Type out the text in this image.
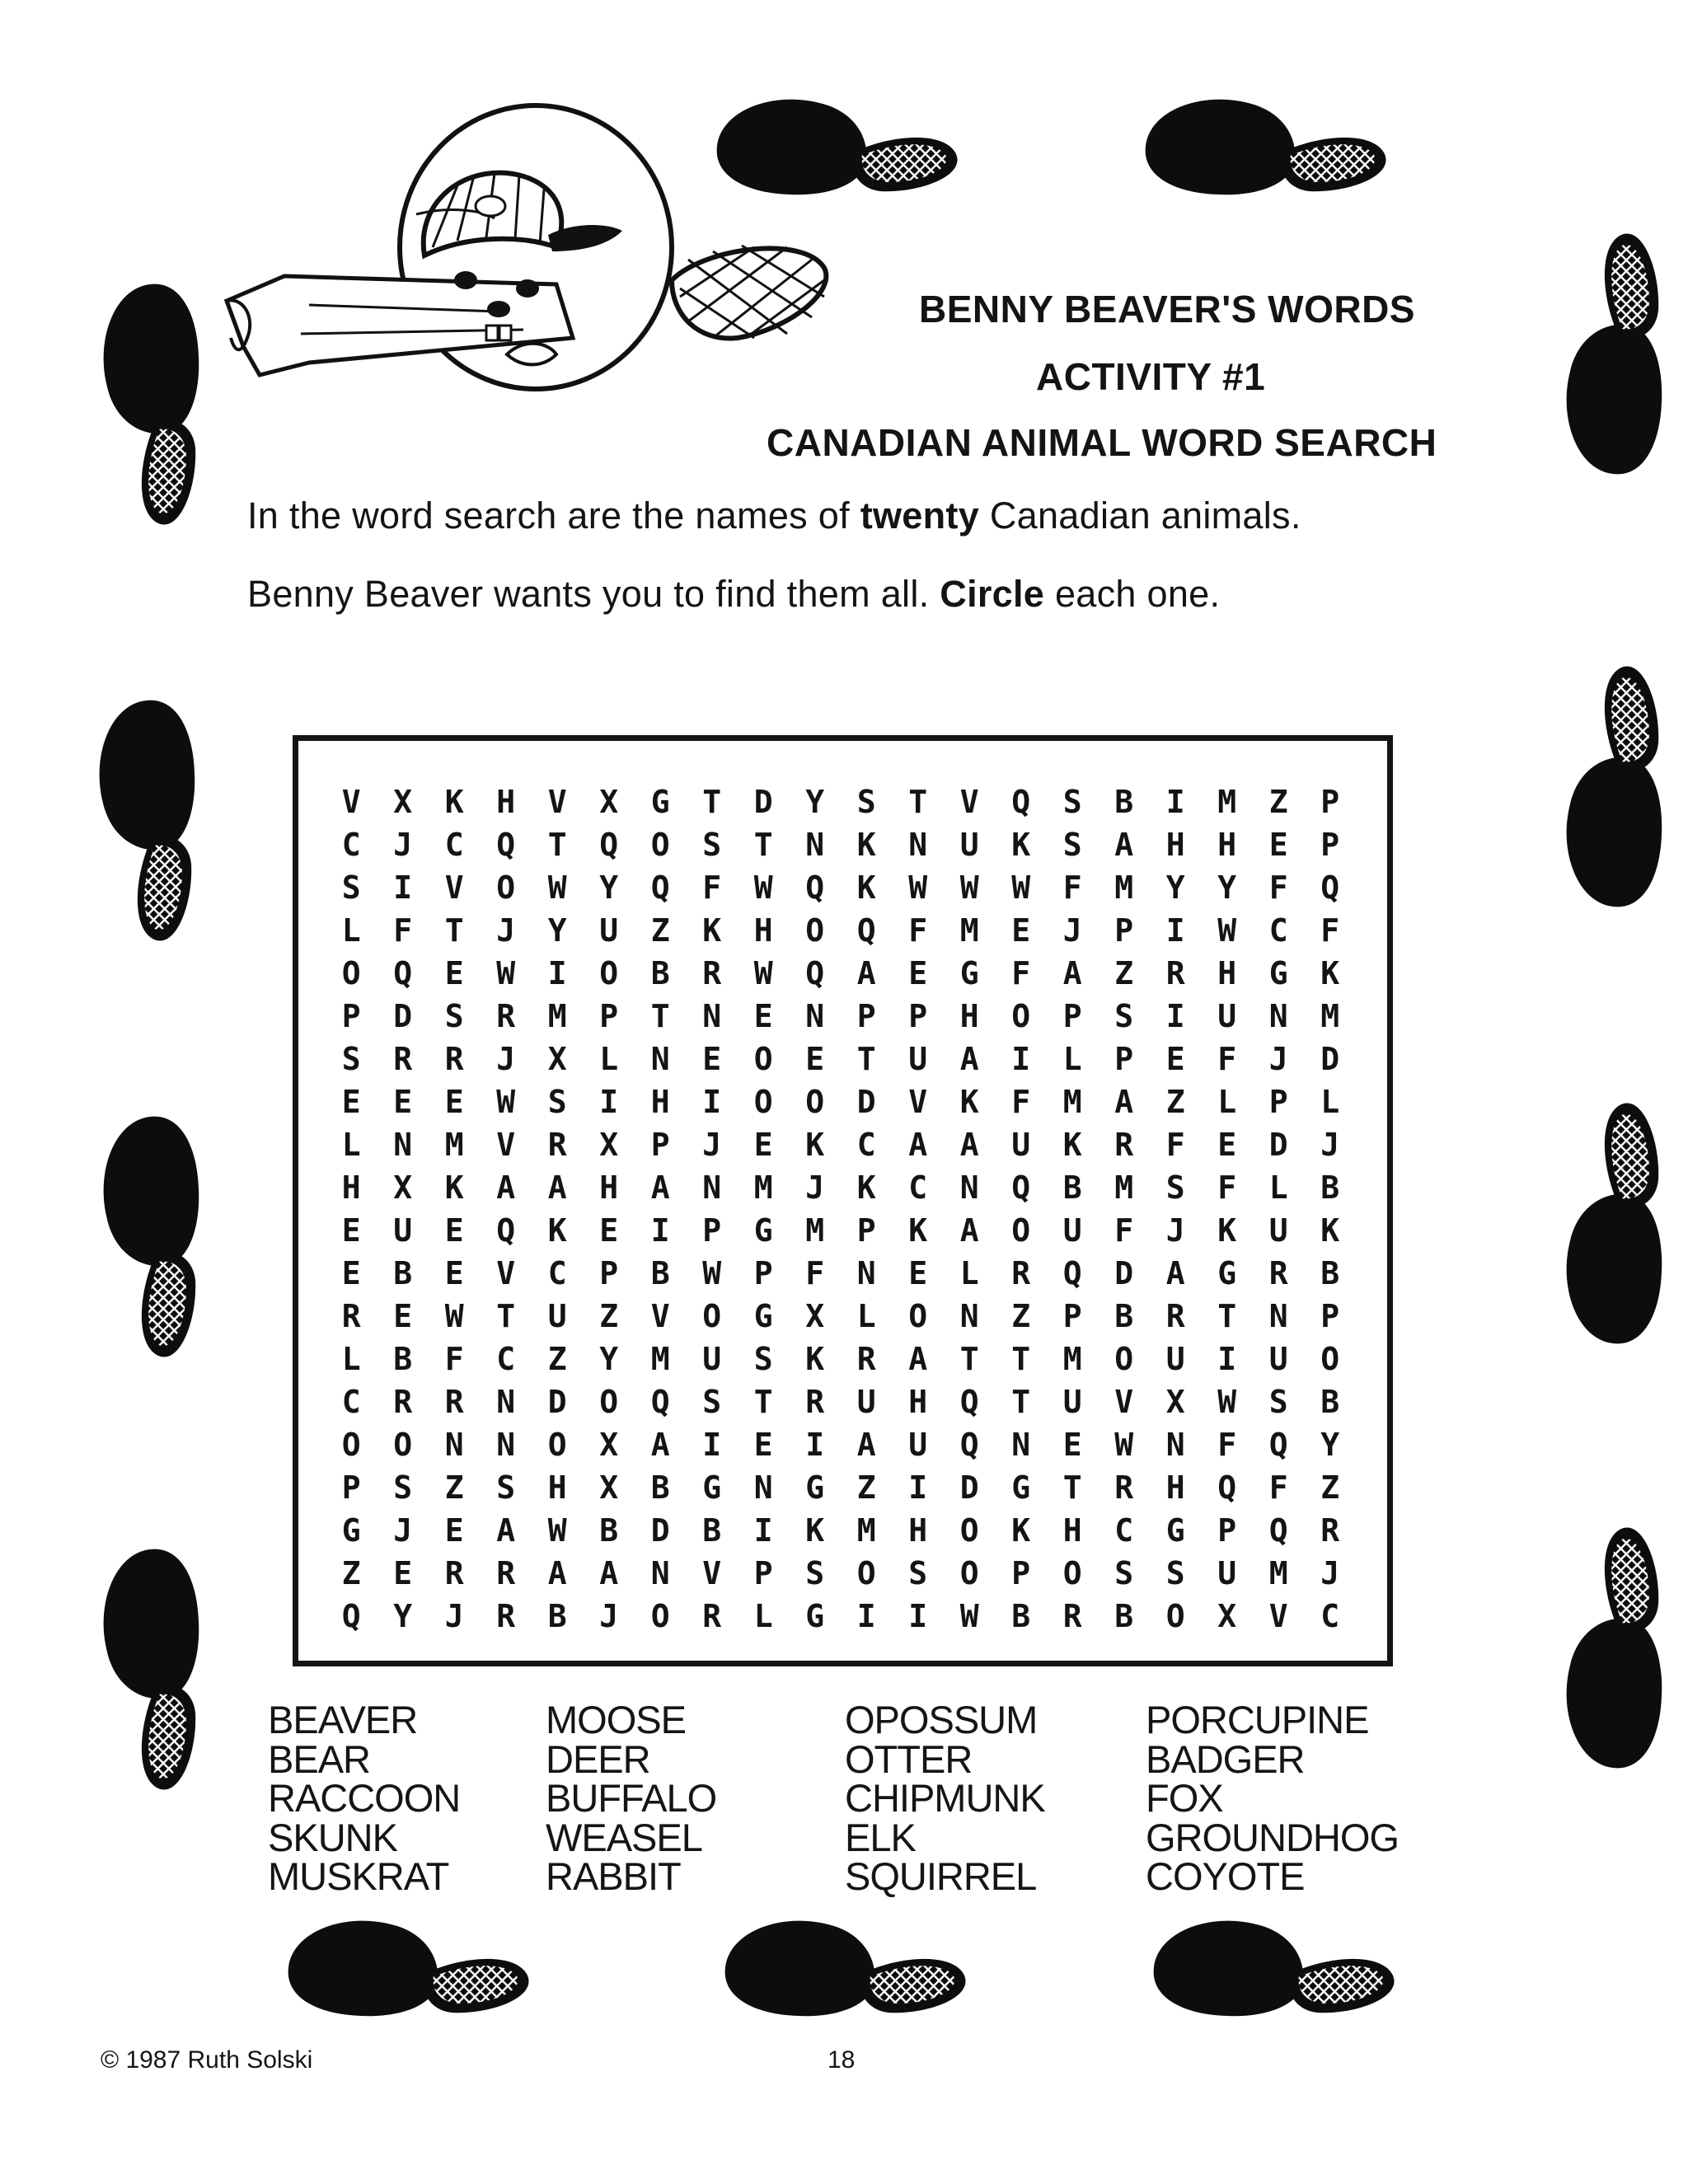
BENNY BEAVER'S WORDS
ACTIVITY #1
CANADIAN ANIMAL WORD SEARCH
In the word search are the names of twenty Canadian animals.
Benny Beaver wants you to find them all. Circle each one.
V	X	K	H	V	X	G	T	D	Y	S	T	V	Q	S	B	I	M	Z	P
C	J	C	Q	T	Q	O	S	T	N	K	N	U	K	S	A	H	H	E	P
S	I	V	O	W	Y	Q	F	W	Q	K	W	W	W	F	M	Y	Y	F	Q
L	F	T	J	Y	U	Z	K	H	O	Q	F	M	E	J	P	I	W	C	F
O	Q	E	W	I	O	B	R	W	Q	A	E	G	F	A	Z	R	H	G	K
P	D	S	R	M	P	T	N	E	N	P	P	H	O	P	S	I	U	N	M
S	R	R	J	X	L	N	E	O	E	T	U	A	I	L	P	E	F	J	D
E	E	E	W	S	I	H	I	O	O	D	V	K	F	M	A	Z	L	P	L
L	N	M	V	R	X	P	J	E	K	C	A	A	U	K	R	F	E	D	J
H	X	K	A	A	H	A	N	M	J	K	C	N	Q	B	M	S	F	L	B
E	U	E	Q	K	E	I	P	G	M	P	K	A	O	U	F	J	K	U	K
E	B	E	V	C	P	B	W	P	F	N	E	L	R	Q	D	A	G	R	B
R	E	W	T	U	Z	V	O	G	X	L	O	N	Z	P	B	R	T	N	P
L	B	F	C	Z	Y	M	U	S	K	R	A	T	T	M	O	U	I	U	O
C	R	R	N	D	O	Q	S	T	R	U	H	Q	T	U	V	X	W	S	B
O	O	N	N	O	X	A	I	E	I	A	U	Q	N	E	W	N	F	Q	Y
P	S	Z	S	H	X	B	G	N	G	Z	I	D	G	T	R	H	Q	F	Z
G	J	E	A	W	B	D	B	I	K	M	H	O	K	H	C	G	P	Q	R
Z	E	R	R	A	A	N	V	P	S	O	S	O	P	O	S	S	U	M	J
Q	Y	J	R	B	J	O	R	L	G	I	I	W	B	R	B	O	X	V	C
BEAVER
BEAR
RACCOON
SKUNK
MUSKRAT
MOOSE
DEER
BUFFALO
WEASEL
RABBIT
OPOSSUM
OTTER
CHIPMUNK
ELK
SQUIRREL
PORCUPINE
BADGER
FOX
GROUNDHOG
COYOTE
© 1987 Ruth Solski	18
